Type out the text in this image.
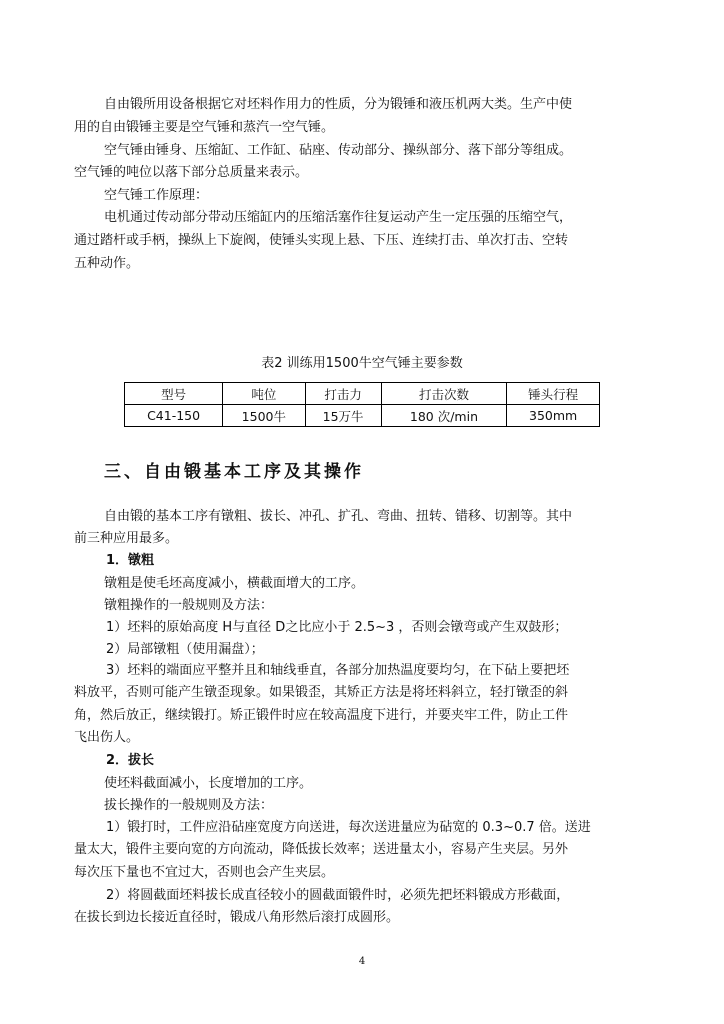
自由锻所用设备根据它对坯料作用力的性质，分为锻锤和液压机两大类。生产中使
用的自由锻锤主要是空气锤和蒸汽一空气锤。
空气锤由锤身、压缩缸、工作缸、砧座、传动部分、操纵部分、落下部分等组成。
空气锤的吨位以落下部分总质量来表示。
空气锤工作原理：
电机通过传动部分带动压缩缸内的压缩活塞作往复运动产生一定压强的压缩空气，
通过踏杆或手柄，操纵上下旋阀，使锤头实现上悬、下压、连续打击、单次打击、空转
五种动作。
表2 训练用1500牛空气锤主要参数
型号	吨位	打击力	打击次数	锤头行程
C41-150	1500牛	15万牛	180 次/min	350mm
三、自由锻基本工序及其操作
自由锻的基本工序有镦粗、拔长、冲孔、扩孔、弯曲、扭转、错移、切割等。其中
前三种应用最多。
1．镦粗
镦粗是使毛坯高度减小，横截面增大的工序。
镦粗操作的一般规则及方法：
1）坯料的原始高度 H与直径 D之比应小于 2.5~3 ，否则会镦弯或产生双鼓形；
2）局部镦粗（使用漏盘）；
3）坯料的端面应平整并且和轴线垂直，各部分加热温度要均匀，在下砧上要把坯
料放平，否则可能产生镦歪现象。如果锻歪，其矫正方法是将坯料斜立，轻打镦歪的斜
角，然后放正，继续锻打。矫正锻件时应在较高温度下进行，并要夹牢工件，防止工件
飞出伤人。
2．拔长
使坯料截面减小，长度增加的工序。
拔长操作的一般规则及方法：
1）锻打时，工件应沿砧座宽度方向送进，每次送进量应为砧宽的 0.3~0.7 倍。送进
量太大，锻件主要向宽的方向流动，降低拔长效率；送进量太小，容易产生夹层。另外
每次压下量也不宜过大，否则也会产生夹层。
2）将圆截面坯料拔长成直径较小的圆截面锻件时，必须先把坯料锻成方形截面，
在拔长到边长接近直径时，锻成八角形然后滚打成圆形。
4
